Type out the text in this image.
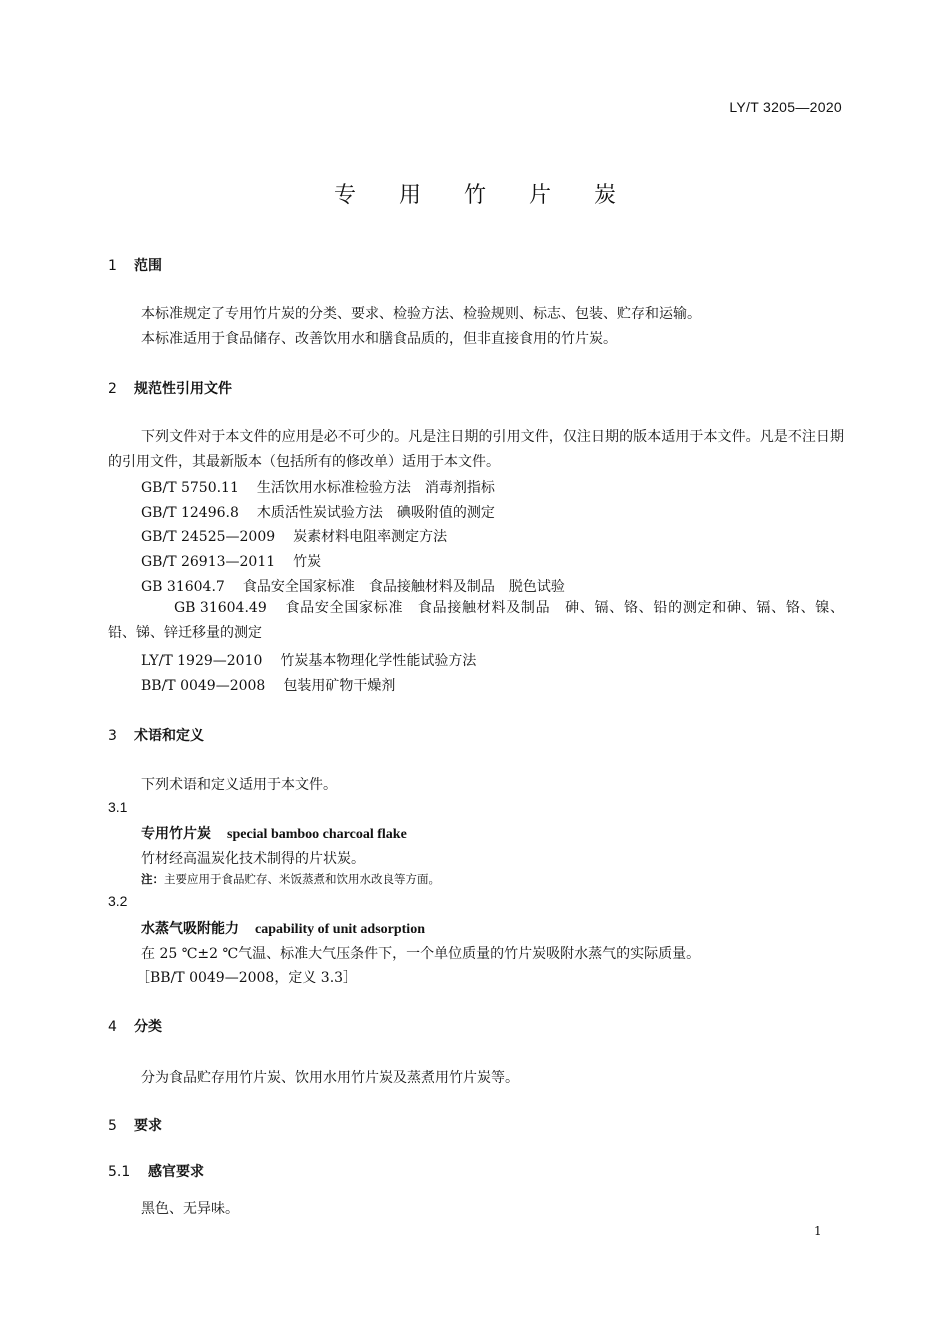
LY/T 3205—2020
专 用 竹 片 炭
1 范围
本标准规定了专用竹片炭的分类、要求、检验方法、检验规则、标志、包装、贮存和运输。
本标准适用于食品储存、改善饮用水和膳食品质的，但非直接食用的竹片炭。
2 规范性引用文件
下列文件对于本文件的应用是必不可少的。凡是注日期的引用文件，仅注日期的版本适用于本文件。凡是不注日期的引用文件，其最新版本（包括所有的修改单）适用于本文件。
GB/T 5750.11 生活饮用水标准检验方法　消毒剂指标
GB/T 12496.8 木质活性炭试验方法　碘吸附值的测定
GB/T 24525—2009 炭素材料电阻率测定方法
GB/T 26913—2011 竹炭
GB 31604.7 食品安全国家标准　食品接触材料及制品　脱色试验
GB 31604.49 食品安全国家标准　食品接触材料及制品　砷、镉、铬、铅的测定和砷、镉、铬、镍、铅、锑、锌迁移量的测定
LY/T 1929—2010 竹炭基本物理化学性能试验方法
BB/T 0049—2008 包装用矿物干燥剂
3 术语和定义
下列术语和定义适用于本文件。
3.1
专用竹片炭 special bamboo charcoal flake
竹材经高温炭化技术制得的片状炭。
注：主要应用于食品贮存、米饭蒸煮和饮用水改良等方面。
3.2
水蒸气吸附能力 capability of unit adsorption
在 25 ℃±2 ℃气温、标准大气压条件下，一个单位质量的竹片炭吸附水蒸气的实际质量。
［BB/T 0049—2008，定义 3.3］
4 分类
分为食品贮存用竹片炭、饮用水用竹片炭及蒸煮用竹片炭等。
5 要求
5.1 感官要求
黑色、无异味。
1
